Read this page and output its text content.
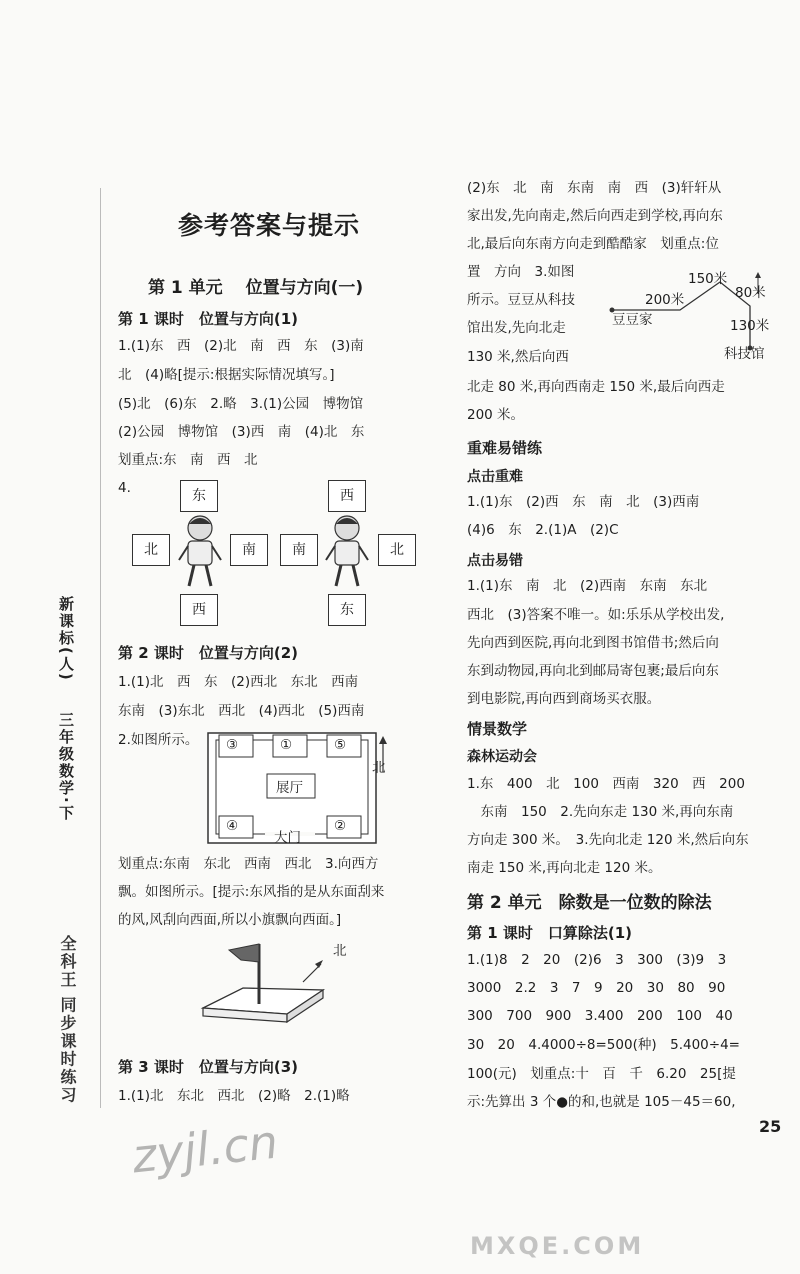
新课标(人)
三年级数学·下
全科王 同步课时练习
参考答案与提示
第 1 单元　 位置与方向(一)
第 1 课时　位置与方向(1)
1.(1)东　西　(2)北　南　西　东　(3)南
北　(4)略[提示:根据实际情况填写。]
(5)北　(6)东　2.略　3.(1)公园　博物馆
(2)公园　博物馆　(3)西　南　(4)北　东
划重点:东　南　西　北
4.	东
北	南
西
西
南	北
东
第 2 课时　位置与方向(2)
1.(1)北　西　东　(2)西北　东北　西南
东南　(3)东北　西北　(4)西北　(5)西南
2.如图所示。 ③	①	⑤
④	②
展厅
大门
北
划重点:东南　东北　西南　西北　3.向西方
飘。如图所示。[提示:东风指的是从东面刮来
的风,风刮向西面,所以小旗飘向西面。]
北
第 3 课时　位置与方向(3)
1.(1)北　东北　西北　(2)略　2.(1)略
(2)东　北　南　东南　南　西　(3)轩轩从
家出发,先向南走,然后向西走到学校,再向东
北,最后向东南方向走到酷酷家　划重点:位
置　方向　3.如图
所示。豆豆从科技
馆出发,先向北走
130 米,然后向西
北走 80 米,再向西南走 150 米,最后向西走
200 米。
150米
200米	80米
130米
豆豆家
科技馆
重难易错练
点击重难
1.(1)东　(2)西　东　南　北　(3)西南
(4)6　东　2.(1)A　(2)C
点击易错
1.(1)东　南　北　(2)西南　东南　东北
西北　(3)答案不唯一。如:乐乐从学校出发,
先向西到医院,再向北到图书馆借书;然后向
东到动物园,再向北到邮局寄包裹;最后向东
到电影院,再向西到商场买衣服。
情景数学
森林运动会
1.东　400　北　100　西南　320　西　200
　东南　150　2.先向东走 130 米,再向东南
方向走 300 米。　3.先向北走 120 米,然后向东
南走 150 米,再向北走 120 米。
第 2 单元　除数是一位数的除法
第 1 课时　口算除法(1)
1.(1)8　2　20　(2)6　3　300　(3)9　3
3000　2.2　3　7　9　20　30　80　90
300　700　900　3.400　200　100　40
30　20　4.4000÷8=500(种)　5.400÷4=
100(元)　划重点:十　百　千　6.20　25[提
示:先算出 3 个●的和,也就是 105－45＝60,
25
zyjl.cn
MXQE.COM
